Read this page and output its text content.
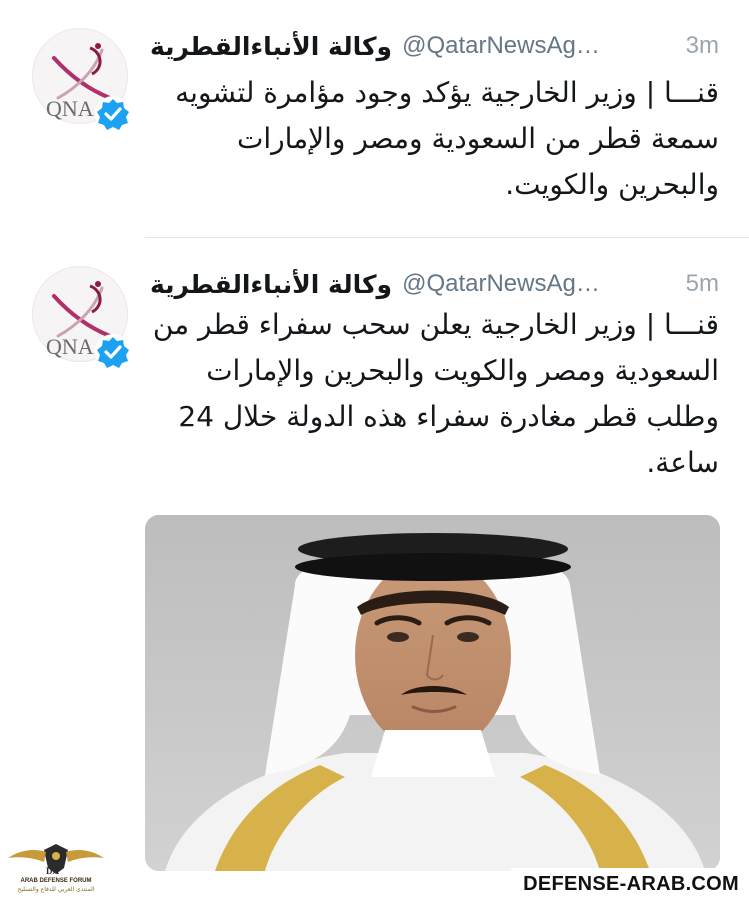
QNA
وكالة الأنباءالقطرية @QatarNewsAg…	3m
قنـــا | وزير الخارجية يؤكد وجود مؤامرة لتشويه
سمعة قطر من السعودية ومصر والإمارات
والبحرين والكويت.
QNA
وكالة الأنباءالقطرية @QatarNewsAg…	5m
قنـــا | وزير الخارجية يعلن سحب سفراء قطر من
السعودية ومصر والكويت والبحرين والإمارات
وطلب قطر مغادرة سفراء هذه الدولة خلال 24
ساعة.
DA
ARAB DEFENSE FORUM
المنتدى العربي للدفاع والتسليح	DEFENSE-ARAB.COM
